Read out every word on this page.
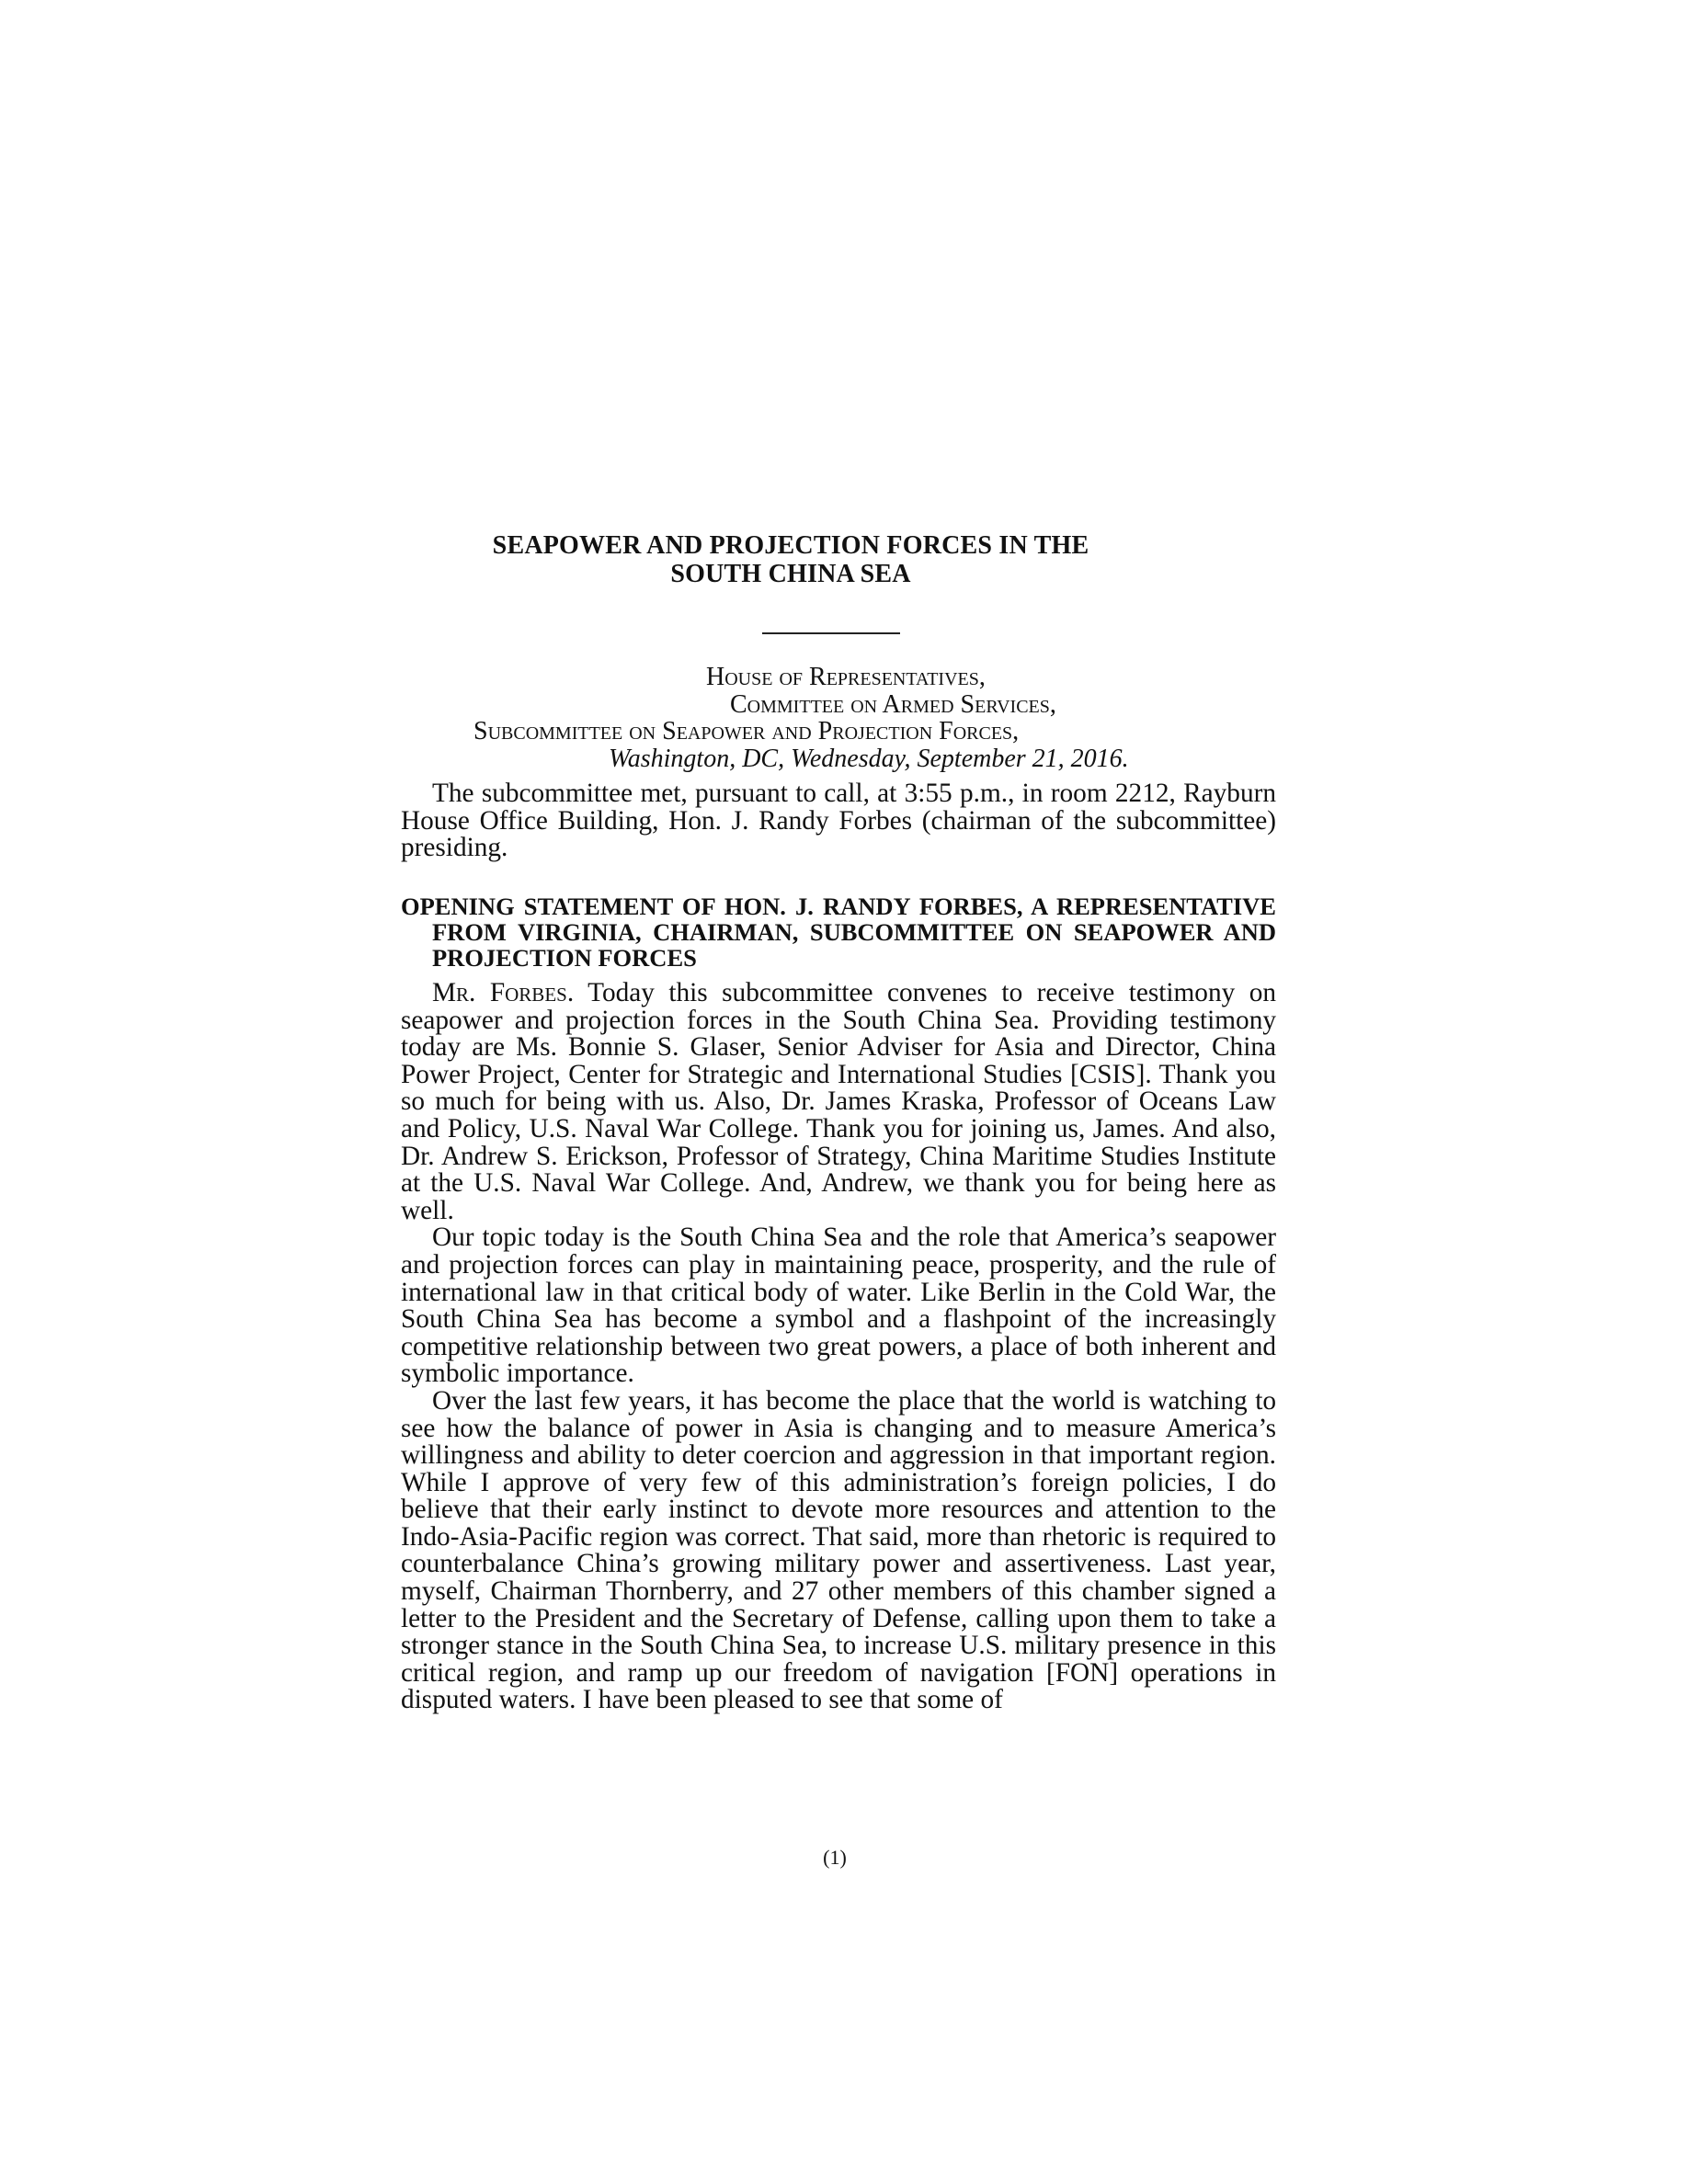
SEAPOWER AND PROJECTION FORCES IN THE
SOUTH CHINA SEA
House of Representatives,
Committee on Armed Services,
Subcommittee on Seapower and Projection Forces,
Washington, DC, Wednesday, September 21, 2016.

The subcommittee met, pursuant to call, at 3:55 p.m., in room 2212, Rayburn House Office Building, Hon. J. Randy Forbes (chairman of the subcommittee) presiding.

OPENING STATEMENT OF HON. J. RANDY FORBES, A REPRESENTATIVE FROM VIRGINIA, CHAIRMAN, SUBCOMMITTEE ON SEAPOWER AND PROJECTION FORCES

Mr. Forbes. Today this subcommittee convenes to receive testimony on seapower and projection forces in the South China Sea. Providing testimony today are Ms. Bonnie S. Glaser, Senior Adviser for Asia and Director, China Power Project, Center for Strategic and International Studies [CSIS]. Thank you so much for being with us. Also, Dr. James Kraska, Professor of Oceans Law and Policy, U.S. Naval War College. Thank you for joining us, James. And also, Dr. Andrew S. Erickson, Professor of Strategy, China Maritime Studies Institute at the U.S. Naval War College. And, Andrew, we thank you for being here as well.

Our topic today is the South China Sea and the role that America’s seapower and projection forces can play in maintaining peace, prosperity, and the rule of international law in that critical body of water. Like Berlin in the Cold War, the South China Sea has become a symbol and a flashpoint of the increasingly competitive relationship between two great powers, a place of both inherent and symbolic importance.

Over the last few years, it has become the place that the world is watching to see how the balance of power in Asia is changing and to measure America’s willingness and ability to deter coercion and aggression in that important region. While I approve of very few of this administration’s foreign policies, I do believe that their early instinct to devote more resources and attention to the Indo-Asia-Pacific region was correct. That said, more than rhetoric is required to counterbalance China’s growing military power and assertiveness. Last year, myself, Chairman Thornberry, and 27 other members of this chamber signed a letter to the President and the Secretary of Defense, calling upon them to take a stronger stance in the South China Sea, to increase U.S. military presence in this critical region, and ramp up our freedom of navigation [FON] operations in disputed waters. I have been pleased to see that some of

(1)
